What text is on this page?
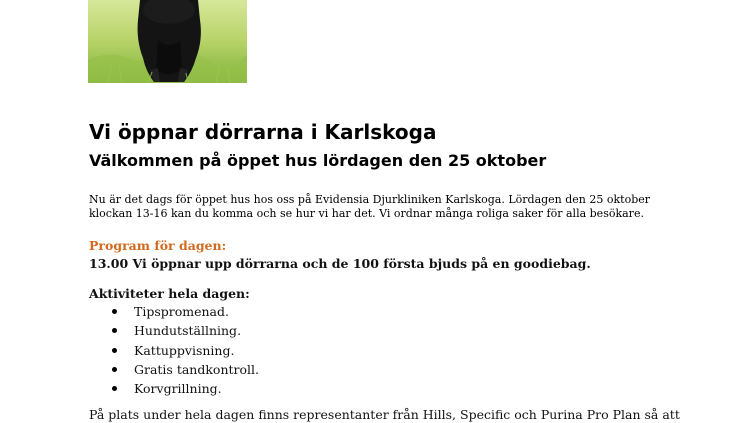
Vi öppnar dörrarna i Karlskoga
Välkommen på öppet hus lördagen den 25 oktober

Nu är det dags för öppet hus hos oss på Evidensia Djurkliniken Karlskoga. Lördagen den 25 oktober
klockan 13-16 kan du komma och se hur vi har det. Vi ordnar många roliga saker för alla besökare.

Program för dagen:

13.00 Vi öppnar upp dörrarna och de 100 första bjuds på en goodiebag.

Aktiviteter hela dagen:

Tipspromenad.
Hundutställning.
Kattuppvisning.
Gratis tandkontroll.
Korvgrillning.

På plats under hela dagen finns representanter från Hills, Specific och Purina Pro Plan så att
